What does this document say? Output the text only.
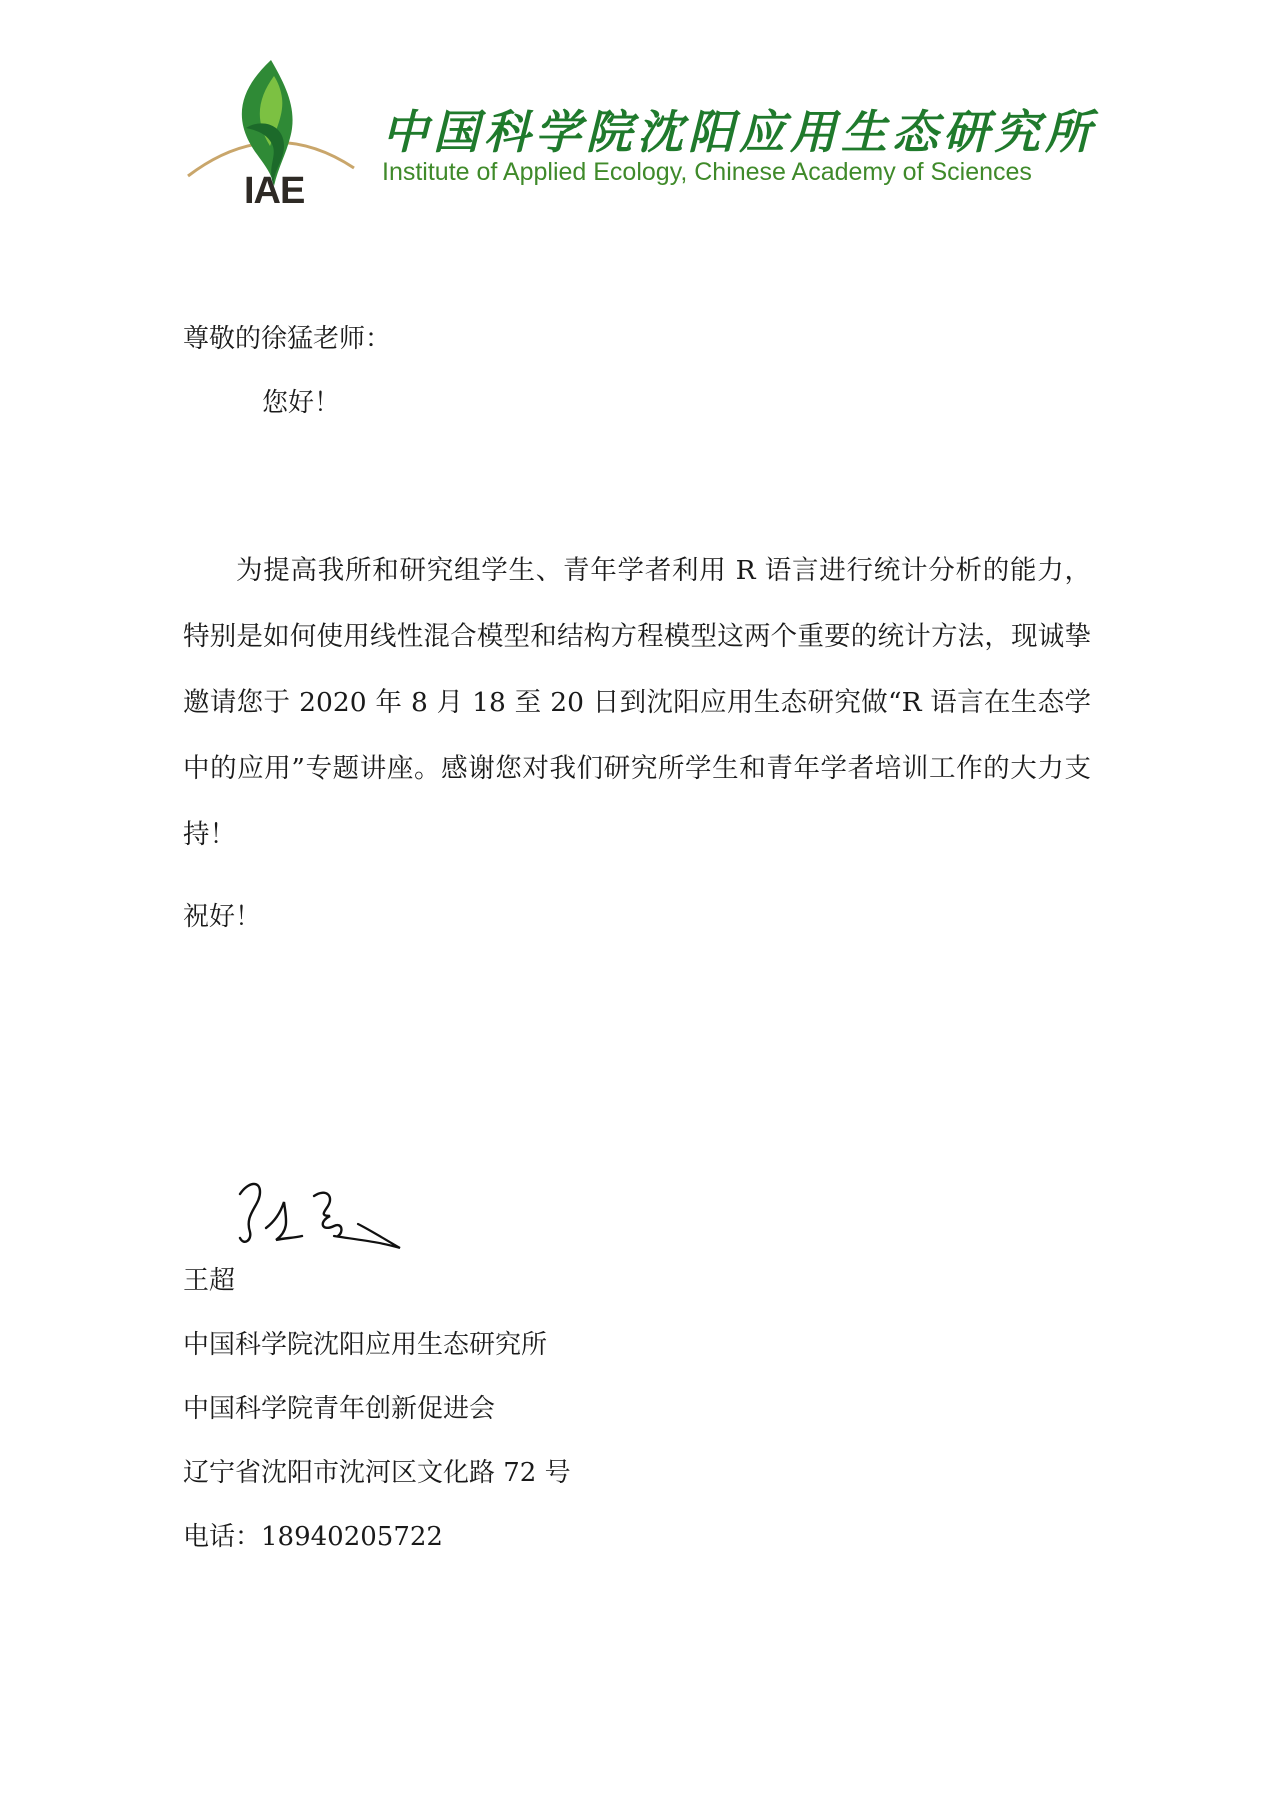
IAE
中国科学院沈阳应用生态研究所
Institute of Applied Ecology, Chinese Academy of Sciences
尊敬的徐猛老师：
您好！
为提高我所和研究组学生、青年学者利用 R 语言进行统计分析的能力，特别是如何使用线性混合模型和结构方程模型这两个重要的统计方法，现诚挚邀请您于 2020 年 8 月 18 至 20 日到沈阳应用生态研究做“R 语言在生态学中的应用”专题讲座。感谢您对我们研究所学生和青年学者培训工作的大力支持！
祝好！
王超
中国科学院沈阳应用生态研究所
中国科学院青年创新促进会
辽宁省沈阳市沈河区文化路 72 号
电话：18940205722
